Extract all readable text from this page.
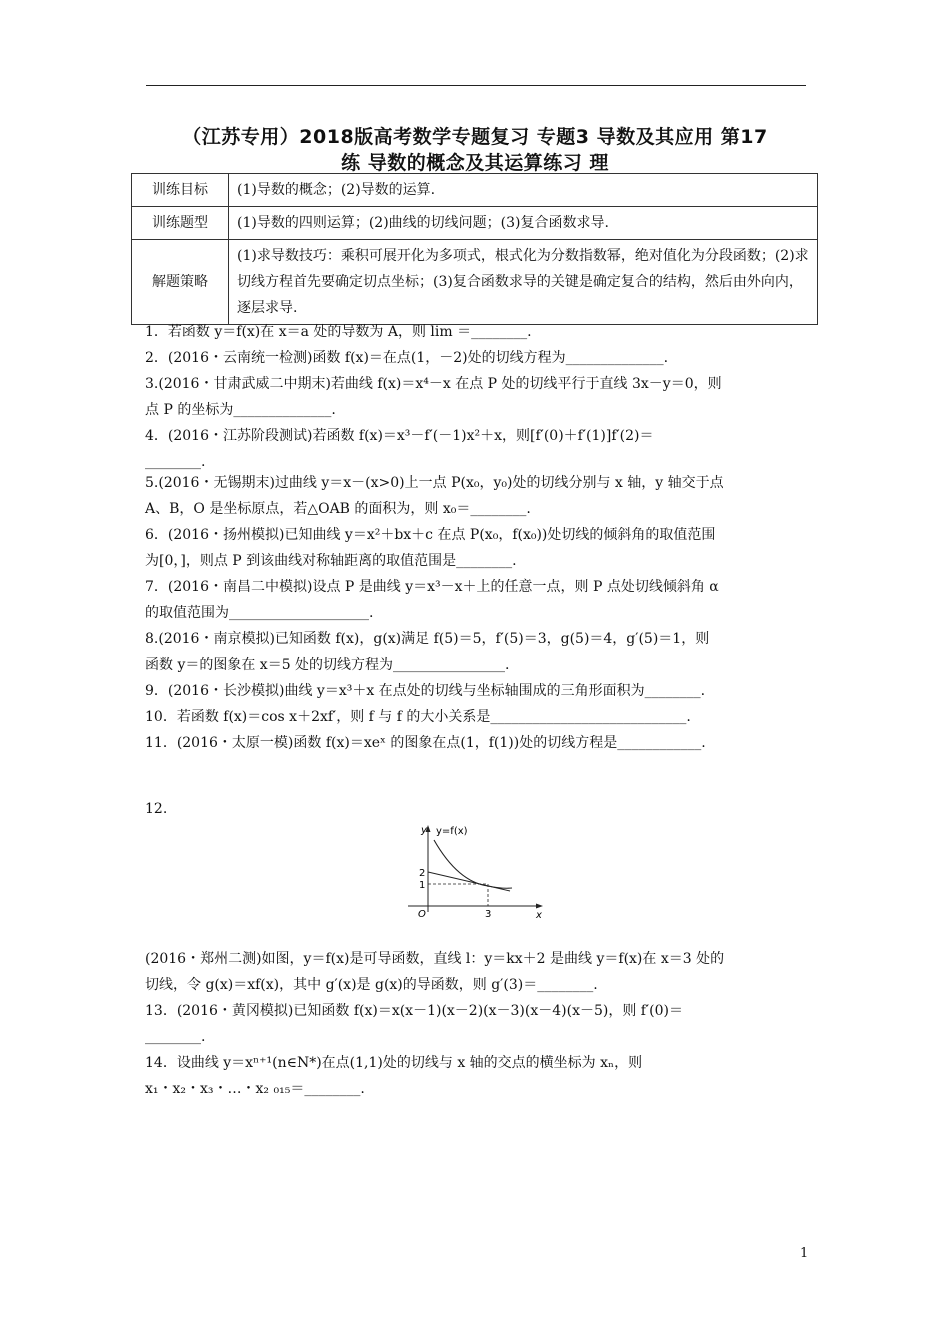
（江苏专用）2018版高考数学专题复习 专题3 导数及其应用 第17
练 导数的概念及其运算练习 理
训练目标	(1)导数的概念；(2)导数的运算.
训练题型	(1)导数的四则运算；(2)曲线的切线问题；(3)复合函数求导.
解题策略	(1)求导数技巧：乘积可展开化为多项式，根式化为分数指数幂，绝对值化为分段函数；(2)求切线方程首先要确定切点坐标；(3)复合函数求导的关键是确定复合的结构，然后由外向内，逐层求导.
1．若函数 y＝f(x)在 x＝a 处的导数为 A，则 lim ＝________.
2．(2016・云南统一检测)函数 f(x)＝在点(1，－2)处的切线方程为______________.
3.(2016・甘肃武威二中期末)若曲线 f(x)＝x⁴－x 在点 P 处的切线平行于直线 3x－y＝0，则
点 P 的坐标为______________.
4．(2016・江苏阶段测试)若函数 f(x)＝x³－f′(－1)x²＋x，则[f′(0)＋f′(1)]f′(2)＝
________.
5.(2016・无锡期末)过曲线 y＝x－(x>0)上一点 P(x₀，y₀)处的切线分别与 x 轴，y 轴交于点
A、B，O 是坐标原点，若△OAB 的面积为，则 x₀＝________.
6．(2016・扬州模拟)已知曲线 y＝x²＋bx＋c 在点 P(x₀，f(x₀))处切线的倾斜角的取值范围
为[0，]，则点 P 到该曲线对称轴距离的取值范围是________.
7．(2016・南昌二中模拟)设点 P 是曲线 y＝x³－x＋上的任意一点，则 P 点处切线倾斜角 α
的取值范围为____________________.
8.(2016・南京模拟)已知函数 f(x)，g(x)满足 f(5)＝5，f′(5)＝3，g(5)＝4，g′(5)＝1，则
函数 y＝的图象在 x＝5 处的切线方程为________________.
9．(2016・长沙模拟)曲线 y＝x³＋x 在点处的切线与坐标轴围成的三角形面积为________.
10．若函数 f(x)＝cos x＋2xf′，则 f 与 f 的大小关系是____________________________.
11．(2016・太原一模)函数 f(x)＝xeˣ 的图象在点(1，f(1))处的切线方程是____________.
12.
y=f(x)
y
x
O
2
1
3
(2016・郑州二测)如图，y＝f(x)是可导函数，直线 l：y＝kx＋2 是曲线 y＝f(x)在 x＝3 处的
切线，令 g(x)＝xf(x)，其中 g′(x)是 g(x)的导函数，则 g′(3)＝________.
13．(2016・黄冈模拟)已知函数 f(x)＝x(x－1)(x－2)(x－3)(x－4)(x－5)，则 f′(0)＝
________.
14．设曲线 y＝xⁿ⁺¹(n∈N*)在点(1,1)处的切线与 x 轴的交点的横坐标为 xₙ，则
x₁・x₂・x₃・…・x₂ ₀₁₅＝________.
1
